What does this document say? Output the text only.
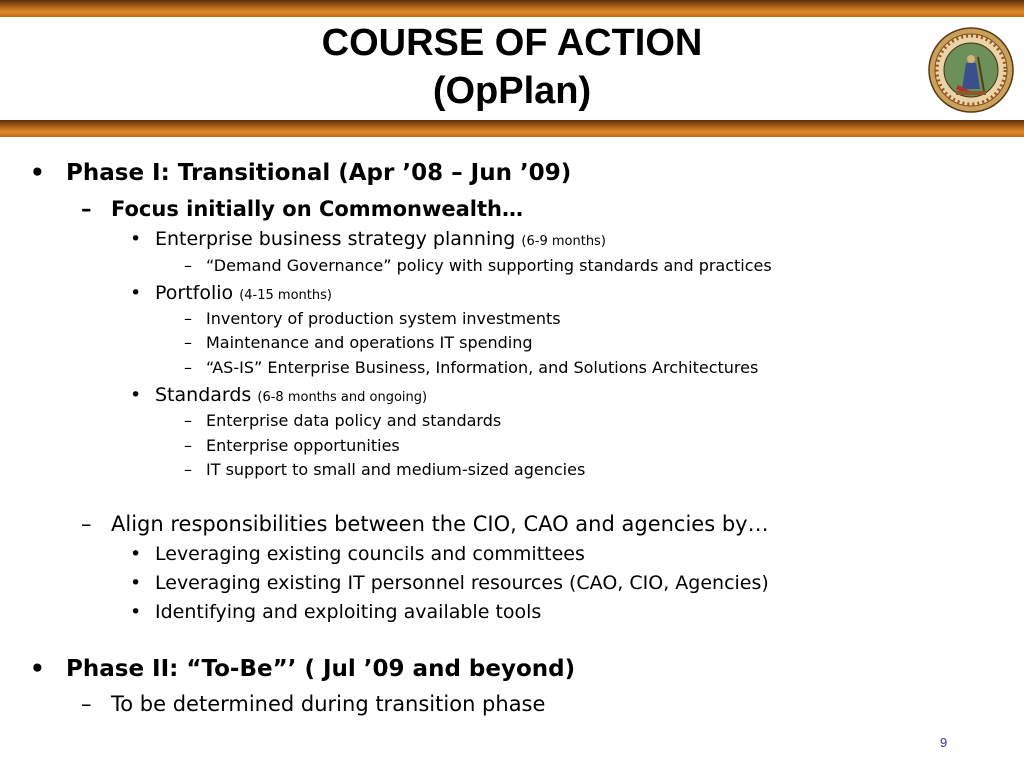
COURSE OF ACTION
(OpPlan)
• Phase I: Transitional (Apr ’08 – Jun ’09)
– Focus initially on Commonwealth…
• Enterprise business strategy planning (6-9 months)
– “Demand Governance” policy with supporting standards and practices
• Portfolio (4-15 months)
– Inventory of production system investments
– Maintenance and operations IT spending
– “AS-IS” Enterprise Business, Information, and Solutions Architectures
• Standards (6-8 months and ongoing)
– Enterprise data policy and standards
– Enterprise opportunities
– IT support to small and medium-sized agencies
– Align responsibilities between the CIO, CAO and agencies by…
• Leveraging existing councils and committees
• Leveraging existing IT personnel resources (CAO, CIO, Agencies)
• Identifying and exploiting available tools
• Phase II: “To-Be”’ ( Jul ’09 and beyond)
– To be determined during transition phase
9
